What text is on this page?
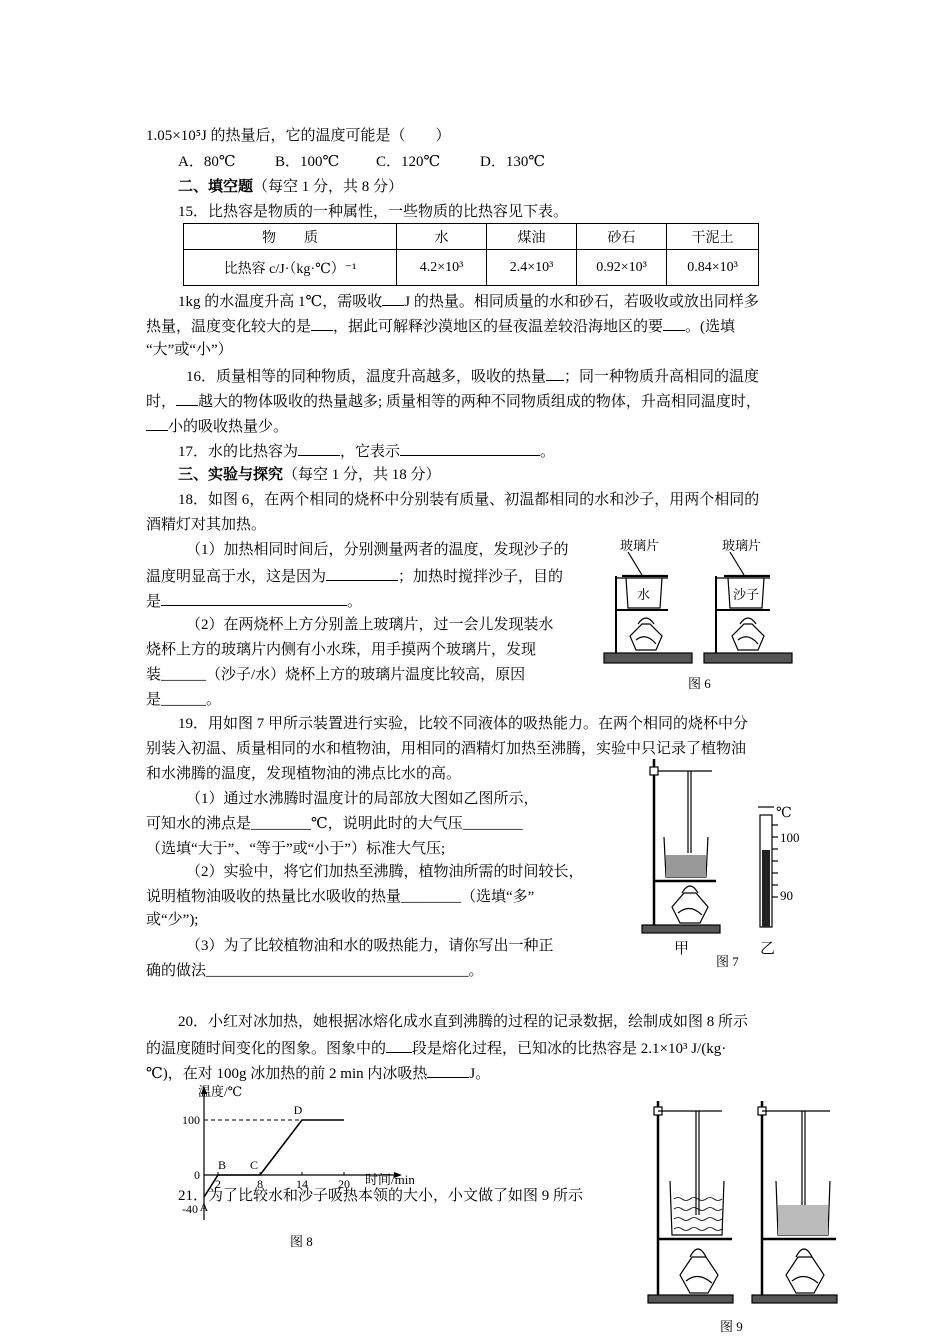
1.05×10⁵J 的热量后，它的温度可能是（　　）
A．80℃	B．100℃ C．120℃	D．130℃
二、填空题（每空 1 分，共 8 分）
15．比热容是物质的一种属性，一些物质的比热容见下表。
物　　质	水	煤油	砂石	干泥土
比热容 c/J·（kg·℃）⁻¹	4.2×10³	2.4×10³	0.92×10³	0.84×10³
1kg 的水温度升高 1℃，需吸收 J 的热量。相同质量的水和砂石，若吸收或放出同样多
热量，温度变化较大的是 ，据此可解释沙漠地区的昼夜温差较沿海地区的要 。(选填
“大”或“小”）
16．质量相等的同种物质，温度升高越多，吸收的热量 ；同一种物质升高相同的温度
时， 越大的物体吸收的热量越多; 质量相等的两种不同物质组成的物体，升高相同温度时，
小的吸收热量少。
17．水的比热容为	，它表示	。
三、实验与探究（每空 1 分，共 18 分）
18．如图 6，在两个相同的烧杯中分别装有质量、初温都相同的水和沙子，用两个相同的
酒精灯对其加热。
（1）加热相同时间后，分别测量两者的温度，发现沙子的
温度明显高于水，这是因为	；加热时搅拌沙子，目的
是	。
（2）在两烧杯上方分别盖上玻璃片，过一会儿发现装水
烧杯上方的玻璃片内侧有小水珠，用手摸两个玻璃片，发现
装______（沙子/水）烧杯上方的玻璃片温度比较高，原因
是______。
玻璃片	玻璃片
水	沙子
图 6
19．用如图 7 甲所示装置进行实验，比较不同液体的吸热能力。在两个相同的烧杯中分
别装入初温、质量相同的水和植物油，用相同的酒精灯加热至沸腾，实验中只记录了植物油
和水沸腾的温度，发现植物油的沸点比水的高。
（1）通过水沸腾时温度计的局部放大图如乙图所示，
可知水的沸点是________℃，说明此时的大气压________
（选填“大于”、“等于”或“小于”）标准大气压;
（2）实验中，将它们加热至沸腾，植物油所需的时间较长，
说明植物油吸收的热量比水吸收的热量________（选填“多”
或“少”);
（3）为了比较植物油和水的吸热能力，请你写出一种正
确的做法___________________________________。
℃
100
90
甲	乙
图 7
20．小红对冰加热，她根据冰熔化成水直到沸腾的过程的记录数据，绘制成如图 8 所示
的温度随时间变化的图象。图象中的 段是熔化过程，已知冰的比热容是 2.1×10³ J/(kg·
℃)，在对 100g 冰加热的前 2 min 内冰吸热	J。
温度/℃
时间/min
100
0
-40
2	8	14	20
A
B C
D
图 8
21．为了比较水和沙子吸热本领的大小，小文做了如图 9 所示
图 9
